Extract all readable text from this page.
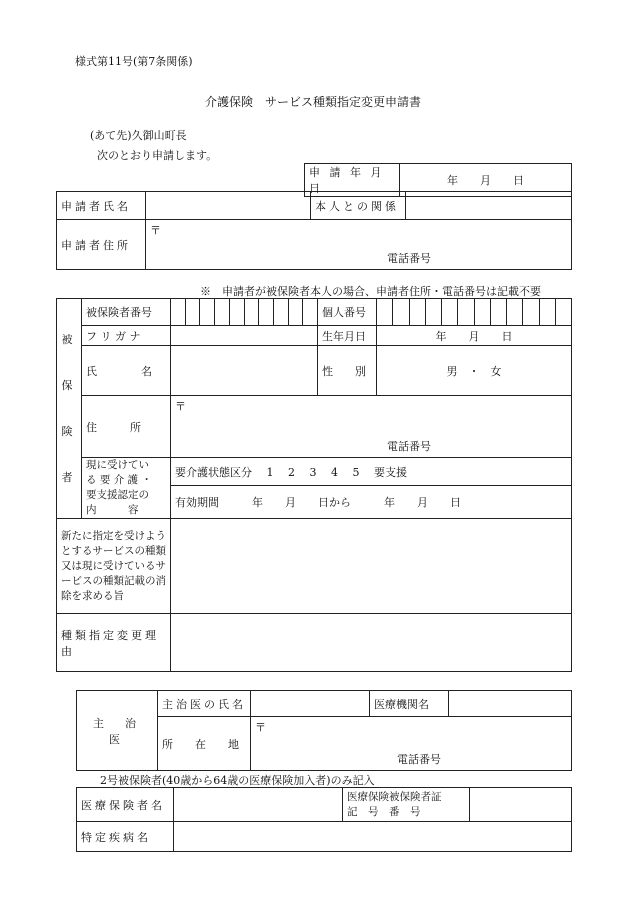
様式第11号(第7条関係)
介護保険　サービス種類指定変更申請書
(あて先)久御山町長
次のとおり申請します。
	申 請 年 月 日	年　　月　　日
申請者氏名		本人との関係	
申請者住所	〒
電話番号		
※　申請者が被保険者本人の場合、申請者住所・電話番号は記載不要
被
保
険
者	被保険者番号		個人番号	

	フ リ ガ ナ		生年月日	年　　月　　日
	氏　　　　名		性　　別	男　・　女
	住　　　所	〒
電話番号		

	現に受けてい
る 要 介 護 ・
要支援認定の
内　　　容	要介護状態区分　 1　 2　 3　 4　 5　 要支援		
		有効期間　　　年　　月　　日から　　　年　　月　　日		

新たに指定を受けよう
とするサービスの種類
又は現に受けているサ
ービスの種類記載の消
除を求める旨				

種類指定変更理由				
主　治　医	主治医の氏名		医療機関名	
	所　　在　　地	〒
電話番号		
2号被保険者(40歳から64歳の医療保険加入者)のみ記入
医療保険者名		医療保険被保険者証
記　号　番　号	

特定疾病名			
